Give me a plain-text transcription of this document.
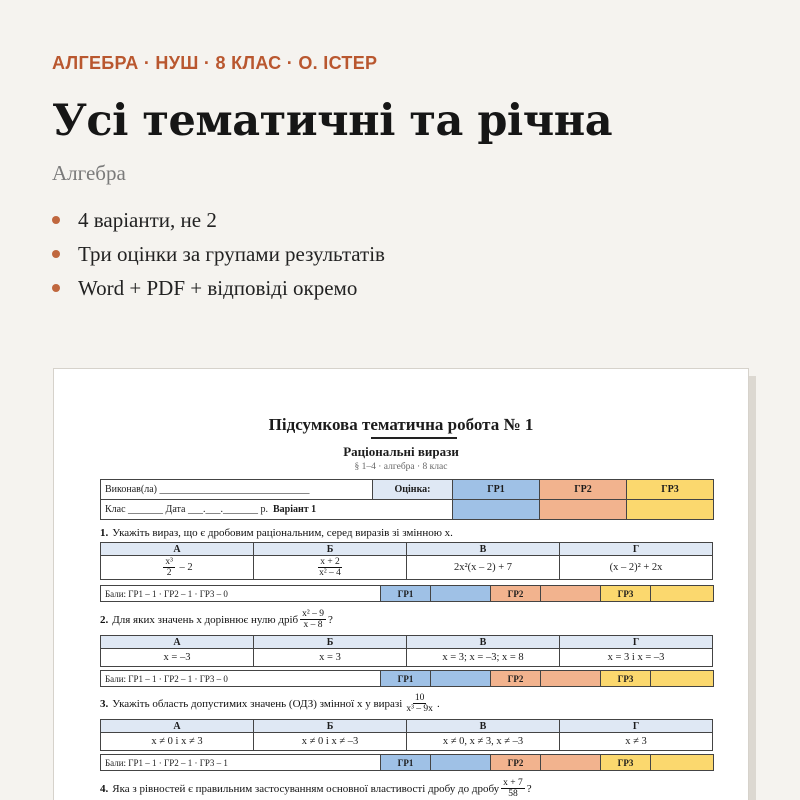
АЛГЕБРА · НУШ · 8 КЛАС · О. ІСТЕР
Усі тематичні та річна
Алгебра
4 варіанти, не 2
Три оцінки за групами результатів
Word + PDF + відповіді окремо
Підсумкова тематична робота № 1
Раціональні вирази
§ 1–4 · алгебра · 8 клас
Виконав(ла) ______________________________	Оцінка:	ГР1	ГР2	ГР3
Клас _______ Дата ___.___._______ р. Варіант 1				
1. Укажіть вираз, що є дробовим раціональним, серед виразів зі змінною x.
А	Б	В	Г

$\frac{\text{x³}}{2} - 2$	$\frac{x + 2}{\text{x² – 4}}$	2x²(x – 2) + 7	(x – 2)² + 2x
Бали: ГР1 – 1 · ГР2 – 1 · ГР3 – 0	ГР1		ГР2		ГР3	
2. Для яких значень x дорівнює нулю дріб $\frac{\text{x² – 9}}{x - 8}$ ?
А	Б	В	Г
x = –3	x = 3	x = 3; x = –3; x = 8	x = 3 і x = –3
Бали: ГР1 – 1 · ГР2 – 1 · ГР3 – 0	ГР1		ГР2		ГР3	
3. Укажіть область допустимих значень (ОДЗ) змінної x у виразі $\frac{10}{\text{x³ – 9x}}$ .
А	Б	В	Г
x ≠ 0 і x ≠ 3	x ≠ 0 і x ≠ –3	x ≠ 0, x ≠ 3, x ≠ –3	x ≠ 3
Бали: ГР1 – 1 · ГР2 – 1 · ГР3 – 1	ГР1		ГР2		ГР3	
4. Яка з рівностей є правильним застосуванням основної властивості дробу до дробу $\frac{x + 7}{58}$ ?
